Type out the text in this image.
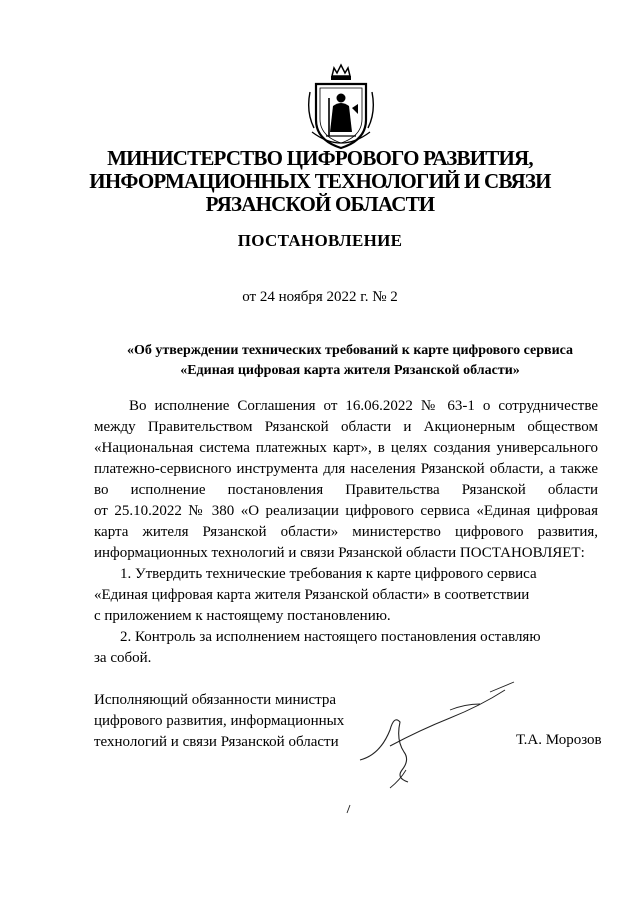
МИНИСТЕРСТВО ЦИФРОВОГО РАЗВИТИЯ,
ИНФОРМАЦИОННЫХ ТЕХНОЛОГИЙ И СВЯЗИ
РЯЗАНСКОЙ ОБЛАСТИ
ПОСТАНОВЛЕНИЕ
от 24 ноября 2022 г. № 2
«Об утверждении технических требований к карте цифрового сервиса
«Единая цифровая карта жителя Рязанской области»
Во исполнение Соглашения от 16.06.2022 № 63-1 о сотрудничестве
между Правительством Рязанской области и Акционерным обществом
«Национальная система платежных карт», в целях создания универсального
платежно-сервисного инструмента для населения Рязанской области, а также
во исполнение постановления Правительства Рязанской области
от 25.10.2022 № 380 «О реализации цифрового сервиса «Единая цифровая
карта жителя Рязанской области» министерство цифрового развития,
информационных технологий и связи Рязанской области ПОСТАНОВЛЯЕТ:
1. Утвердить технические требования к карте цифрового сервиса
«Единая цифровая карта жителя Рязанской области» в соответствии
с приложением к настоящему постановлению.
2. Контроль за исполнением настоящего постановления оставляю
за собой.
Исполняющий обязанности министра
цифрового развития, информационных
технологий и связи Рязанской области	Т.А. Морозов
